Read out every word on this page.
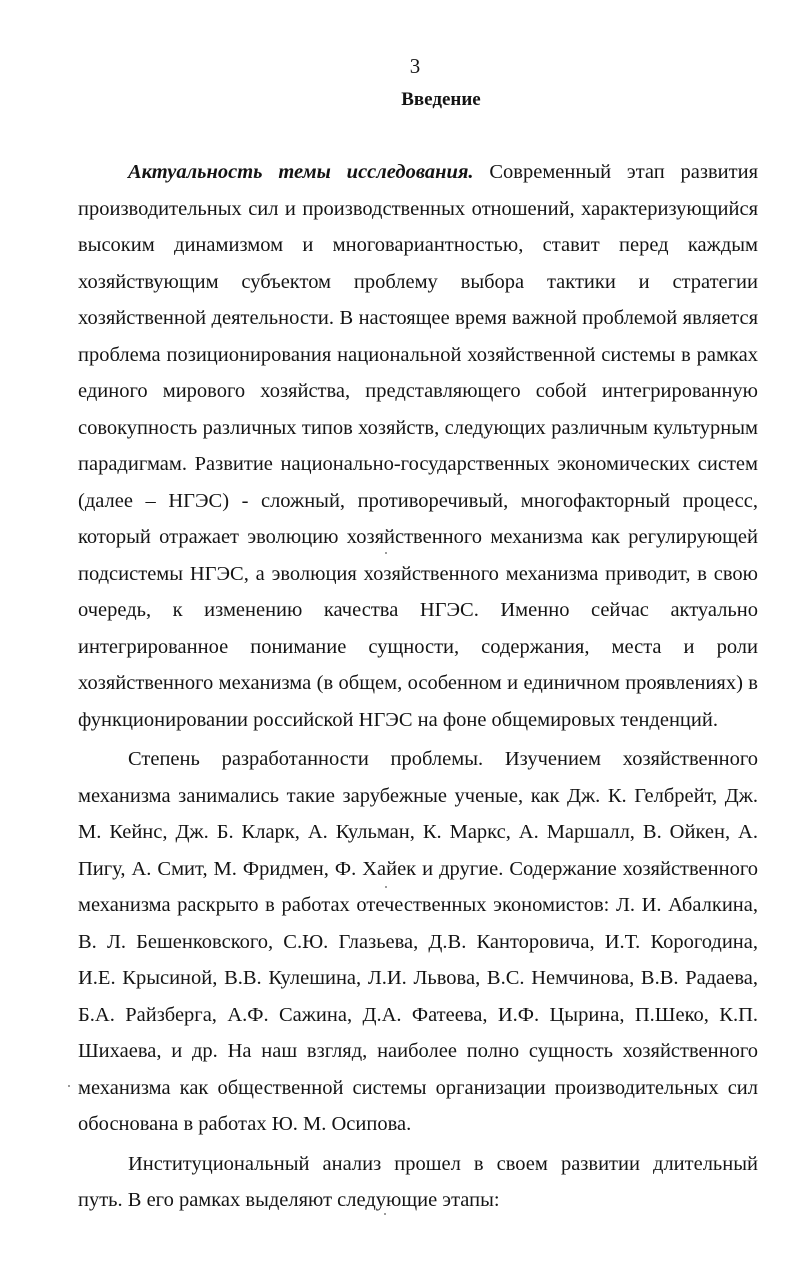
3
Введение

Актуальность темы исследования. Современный этап развития производительных сил и производственных отношений, характеризующийся высоким динамизмом и многовариантностью, ставит перед каждым хозяйствующим субъектом проблему выбора тактики и стратегии хозяйственной деятельности. В настоящее время важной проблемой является проблема позиционирования национальной хозяйственной системы в рамках единого мирового хозяйства, представляющего собой интегрированную совокупность различных типов хозяйств, следующих различным культурным парадигмам. Развитие национально-государственных экономических систем (далее – НГЭС) - сложный, противоречивый, многофакторный процесс, который отражает эволюцию хозяйственного механизма как регулирующей подсистемы НГЭС, а эволюция хозяйственного механизма приводит, в свою очередь, к изменению качества НГЭС. Именно сейчас актуально интегрированное понимание сущности, содержания, места и роли хозяйственного механизма (в общем, особенном и единичном проявлениях) в функционировании российской НГЭС на фоне общемировых тенденций.

Степень разработанности проблемы. Изучением хозяйственного механизма занимались такие зарубежные ученые, как Дж. К. Гелбрейт, Дж. М. Кейнс, Дж. Б. Кларк, А. Кульман, К. Маркс, А. Маршалл, В. Ойкен, А. Пигу, А. Смит, М. Фридмен, Ф. Хайек и другие. Содержание хозяйственного механизма раскрыто в работах отечественных экономистов: Л. И. Абалкина, В. Л. Бешенковского, С.Ю. Глазьева, Д.В. Канторовича, И.Т. Корогодина, И.Е. Крысиной, В.В. Кулешина, Л.И. Львова, В.С. Немчинова, В.В. Радаева, Б.А. Райзберга, А.Ф. Сажина, Д.А. Фатеева, И.Ф. Цырина, П.Шеко, К.П. Шихаева, и др. На наш взгляд, наиболее полно сущность хозяйственного механизма как общественной системы организации производительных сил обоснована в работах Ю. М. Осипова.

Институциональный анализ прошел в своем развитии длительный путь. В его рамках выделяют следующие этапы:
